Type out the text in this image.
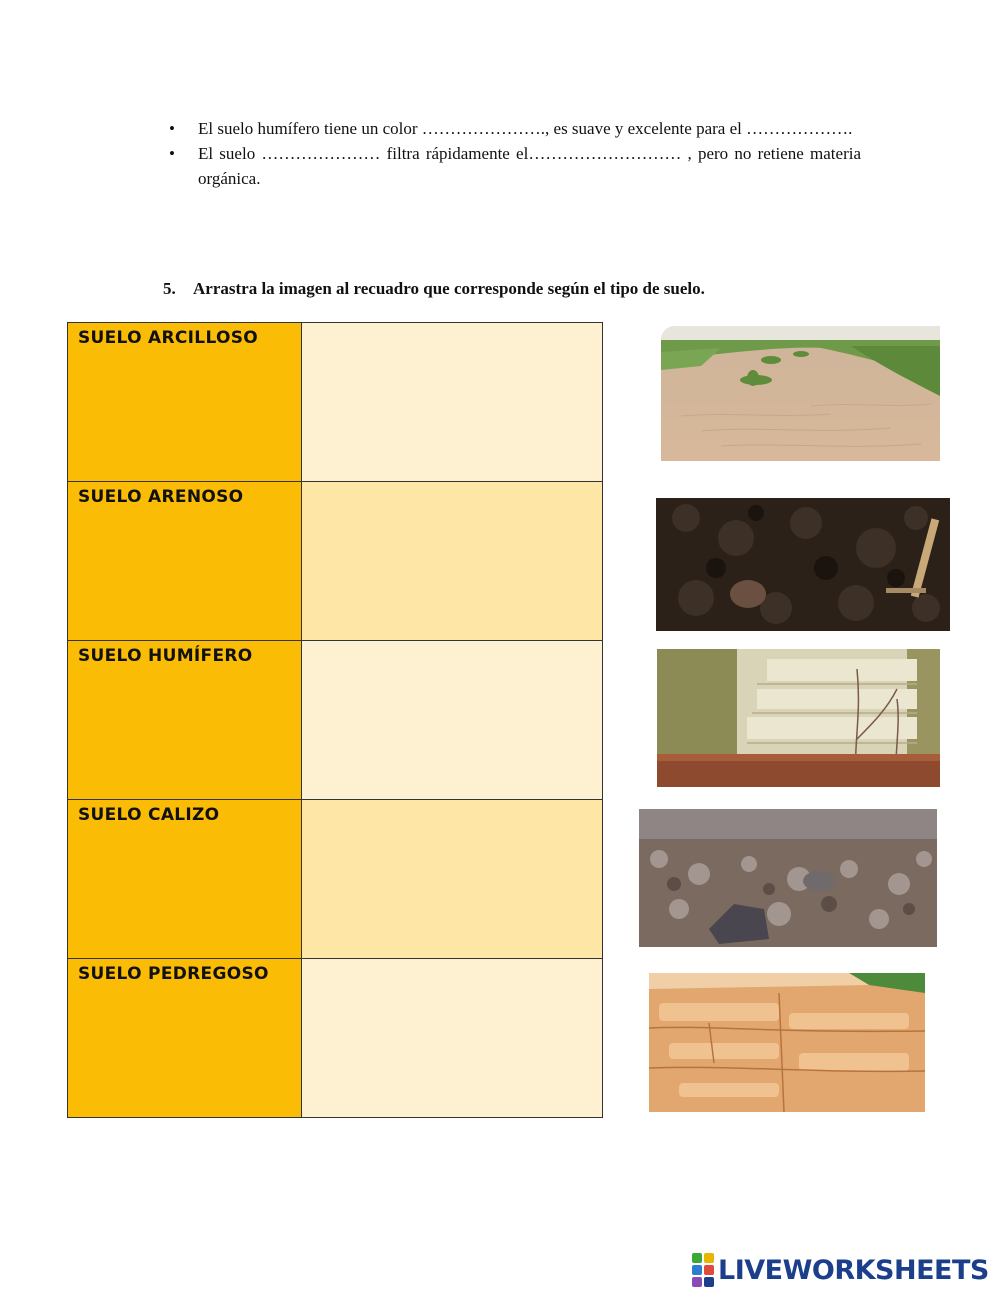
• El suelo humífero tiene un color …………………., es suave y excelente para el ……………….
• El suelo ………………… filtra rápidamente el……………………… , pero no retiene materia orgánica.
5. Arrastra la imagen al recuadro que corresponde según el tipo de suelo.
SUELO ARCILLOSO	

SUELO ARENOSO	

SUELO HUMÍFERO	

SUELO CALIZO	

SUELO PEDREGOSO	

LIVEWORKSHEETS
